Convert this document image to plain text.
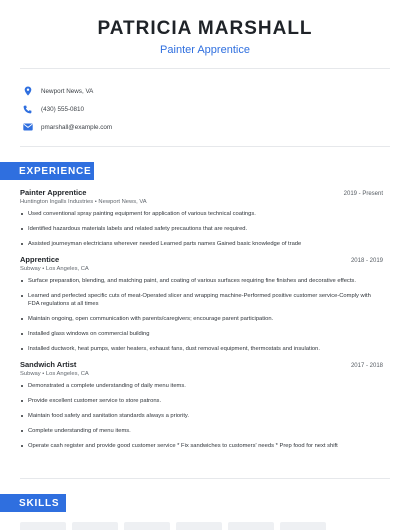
PATRICIA MARSHALL
Painter Apprentice
Newport News, VA
(430) 555-0810
pmarshall@example.com
EXPERIENCE
Painter Apprentice	2019 - Present
Huntington Ingalls Industries • Newport News, VA
Used conventional spray painting equipment for application of various technical coatings.
Identified hazardous materials labels and related safety precautions that are required.
Assisted journeyman electricians wherever needed Learned parts names Gained basic knowledge of trade
Apprentice	2018 - 2019
Subway • Los Angeles, CA
Surface preparation, blending, and matching paint, and coating of various surfaces requiring fine finishes and decorative effects.
Learned and perfected specific cuts of meat-Operated slicer and wrapping machine-Performed positive customer service-Comply with FDA regulations at all times
Maintain ongoing, open communication with parents/caregivers; encourage parent participation.
Installed glass windows on commercial building
Installed ductwork, heat pumps, water heaters, exhaust fans, dust removal equipment, thermostats and insulation.
Sandwich Artist	2017 - 2018
Subway • Los Angeles, CA
Demonstrated a complete understanding of daily menu items.
Provide excellent customer service to store patrons.
Maintain food safety and sanitation standards always a priority.
Complete understanding of menu items.
Operate cash register and provide good customer service * Fix sandwiches to customers' needs * Prep food for next shift
SKILLS
